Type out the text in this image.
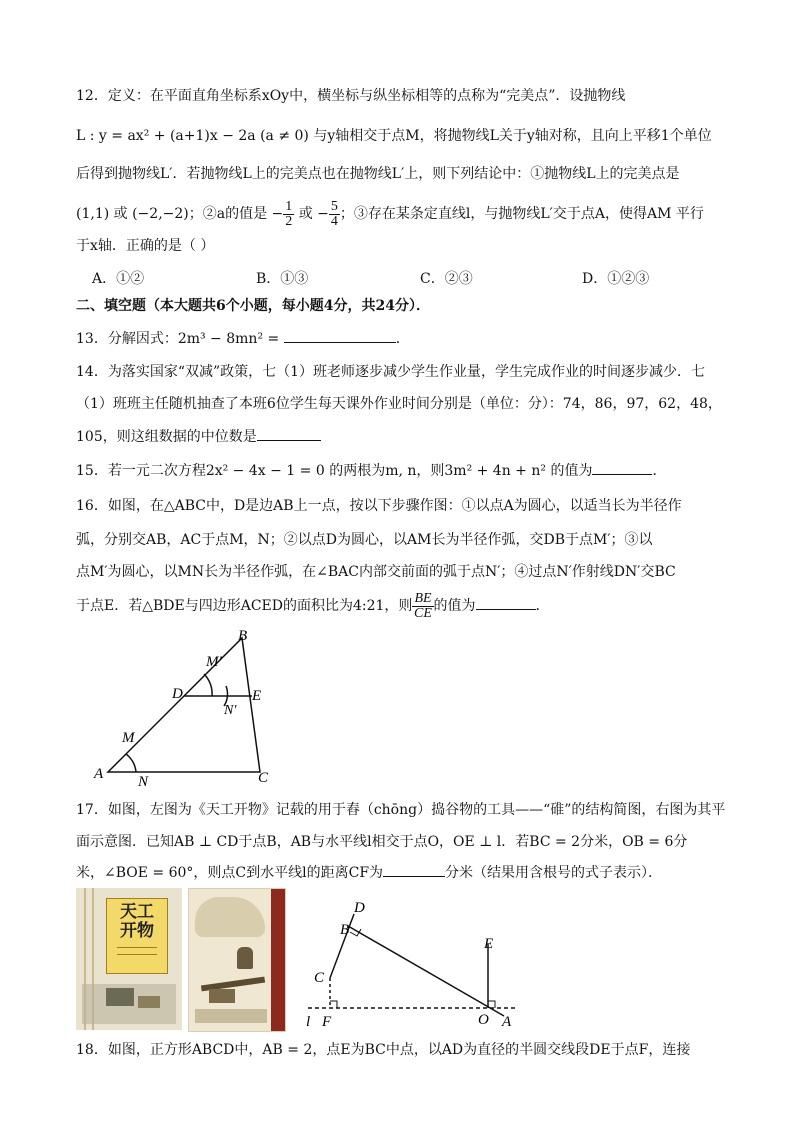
12．定义：在平面直角坐标系xOy中，横坐标与纵坐标相等的点称为“完美点”．设抛物线
L : y = ax² + (a+1)x − 2a (a ≠ 0) 与y轴相交于点M，将抛物线L关于y轴对称，且向上平移1个单位
后得到抛物线L′．若抛物线L上的完美点也在抛物线L′上，则下列结论中：①抛物线L上的完美点是
(1,1) 或 (−2,−2)；②a的值是 − $\frac{1}{2}$ 或 − $\frac{5}{4}$ ；③存在某条定直线l，与抛物线L′交于点A，使得AM 平行
于x轴．正确的是（ ）
A．①②	B．①③	C．②③	D．①②③
二、填空题（本大题共6个小题，每小题4分，共24分）．
13．分解因式：2m³ − 8mn² =	．
14．为落实国家“双减”政策，七（1）班老师逐步减少学生作业量，学生完成作业的时间逐步减少．七
（1）班班主任随机抽查了本班6位学生每天课外作业时间分别是（单位：分）：74，86，97，62，48，
105，则这组数据的中位数是
15．若一元二次方程2x² − 4x − 1 = 0 的两根为m, n，则3m² + 4n + n² 的值为	．
16．如图，在△ABC中，D是边AB上一点，按以下步骤作图：①以点A为圆心，以适当长为半径作
弧，分别交AB，AC于点M，N；②以点D为圆心，以AM长为半径作弧，交DB于点M′；③以
点M′为圆心，以MN长为半径作弧，在∠BAC内部交前面的弧于点N′；④过点N′作射线DN′交BC
于点E．若△BDE与四边形ACED的面积比为4:21，则 $\frac{BE}{CE}$ 的值为	．
A
B
C
D	E
M
N
M′
N′
17．如图，左图为《天工开物》记载的用于舂（chōng）捣谷物的工具——“碓”的结构简图，右图为其平
面示意图．已知AB ⊥ CD于点B，AB与水平线l相交于点O，OE ⊥ l．若BC = 2分米，OB = 6分
米，∠BOE = 60°，则点C到水平线l的距离CF为	分米（结果用含根号的式子表示）．
天工
开物
D
B
C
E
l F	O A
18．如图，正方形ABCD中，AB = 2，点E为BC中点，以AD为直径的半圆交线段DE于点F，连接
